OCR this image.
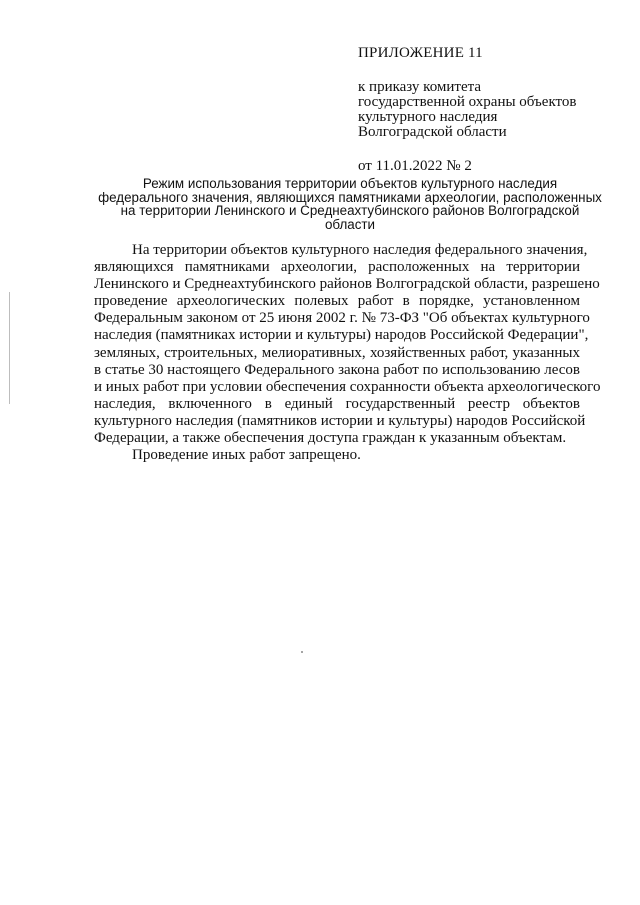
ПРИЛОЖЕНИЕ 11
к приказу комитета
государственной охраны объектов
культурного наследия
Волгоградской области
от 11.01.2022 № 2
Режим использования территории объектов культурного наследия
федерального значения, являющихся памятниками археологии, расположенных
на территории Ленинского и Среднеахтубинского районов Волгоградской
области
На территории объектов культурного наследия федерального значения,
являющихся памятниками археологии, расположенных на территории
Ленинского и Среднеахтубинского районов Волгоградской области, разрешено
проведение археологических полевых работ в порядке, установленном
Федеральным законом от 25 июня 2002 г. № 73-ФЗ "Об объектах культурного
наследия (памятниках истории и культуры) народов Российской Федерации",
земляных, строительных, мелиоративных, хозяйственных работ, указанных
в статье 30 настоящего Федерального закона работ по использованию лесов
и иных работ при условии обеспечения сохранности объекта археологического
наследия, включенного в единый государственный реестр объектов
культурного наследия (памятников истории и культуры) народов Российской
Федерации, а также обеспечения доступа граждан к указанным объектам.
Проведение иных работ запрещено.
